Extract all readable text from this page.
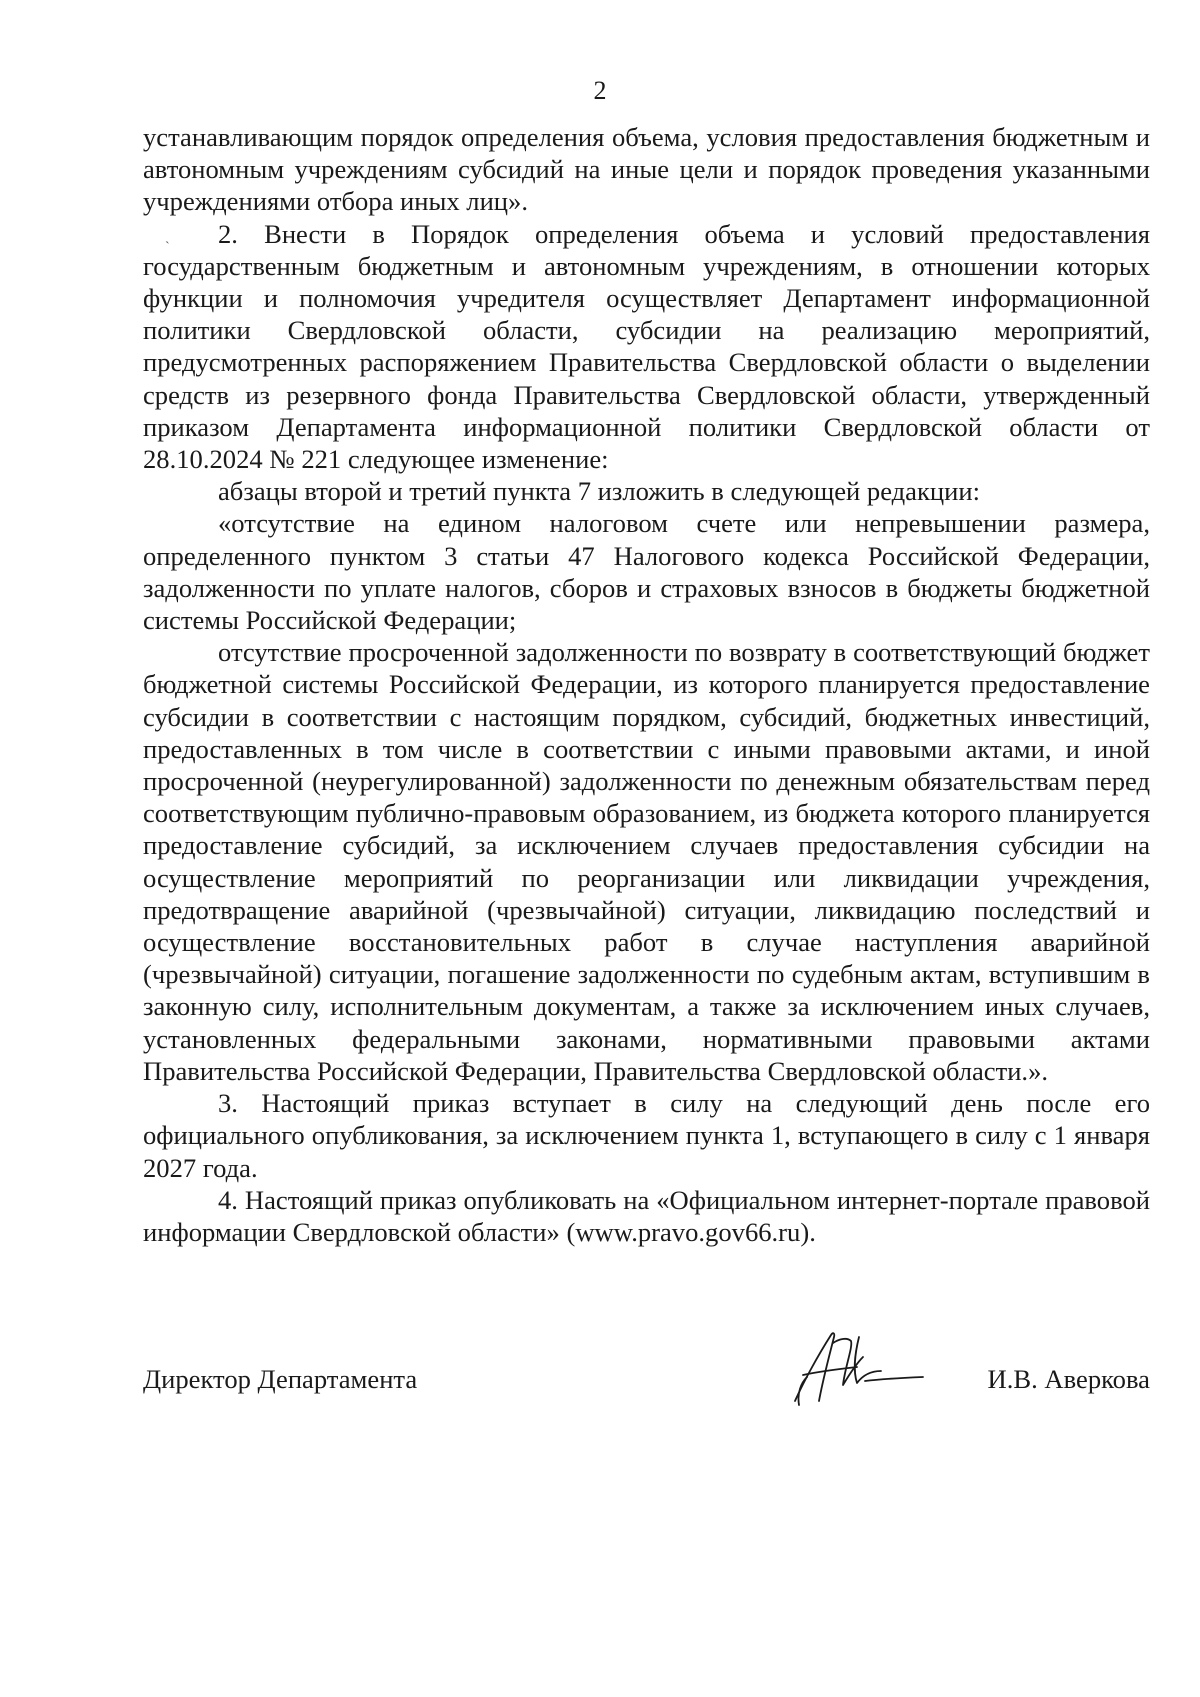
2

устанавливающим порядок определения объема, условия предоставления бюджетным и автономным учреждениям субсидий на иные цели и порядок проведения указанными учреждениями отбора иных лиц».

2. Внести в Порядок определения объема и условий предоставления государственным бюджетным и автономным учреждениям, в отношении которых функции и полномочия учредителя осуществляет Департамент информационной политики Свердловской области, субсидии на реализацию мероприятий, предусмотренных распоряжением Правительства Свердловской области о выделении средств из резервного фонда Правительства Свердловской области, утвержденный приказом Департамента информационной политики Свердловской области от 28.10.2024 № 221 следующее изменение:

абзацы второй и третий пункта 7 изложить в следующей редакции:

«отсутствие на едином налоговом счете или непревышении размера, определенного пунктом 3 статьи 47 Налогового кодекса Российской Федерации, задолженности по уплате налогов, сборов и страховых взносов в бюджеты бюджетной системы Российской Федерации;

отсутствие просроченной задолженности по возврату в соответствующий бюджет бюджетной системы Российской Федерации, из которого планируется предоставление субсидии в соответствии с настоящим порядком, субсидий, бюджетных инвестиций, предоставленных в том числе в соответствии с иными правовыми актами, и иной просроченной (неурегулированной) задолженности по денежным обязательствам перед соответствующим публично-правовым образованием, из бюджета которого планируется предоставление субсидий, за исключением случаев предоставления субсидии на осуществление мероприятий по реорганизации или ликвидации учреждения, предотвращение аварийной (чрезвычайной) ситуации, ликвидацию последствий и осуществление восстановительных работ в случае наступления аварийной (чрезвычайной) ситуации, погашение задолженности по судебным актам, вступившим в законную силу, исполнительным документам, а также за исключением иных случаев, установленных федеральными законами, нормативными правовыми актами Правительства Российской Федерации, Правительства Свердловской области.».

3. Настоящий приказ вступает в силу на следующий день после его официального опубликования, за исключением пункта 1, вступающего в силу с 1 января 2027 года.

4. Настоящий приказ опубликовать на «Официальном интернет-портале правовой информации Свердловской области» (www.pravo.gov66.ru).

Директор Департамента	И.В. Аверкова
`
